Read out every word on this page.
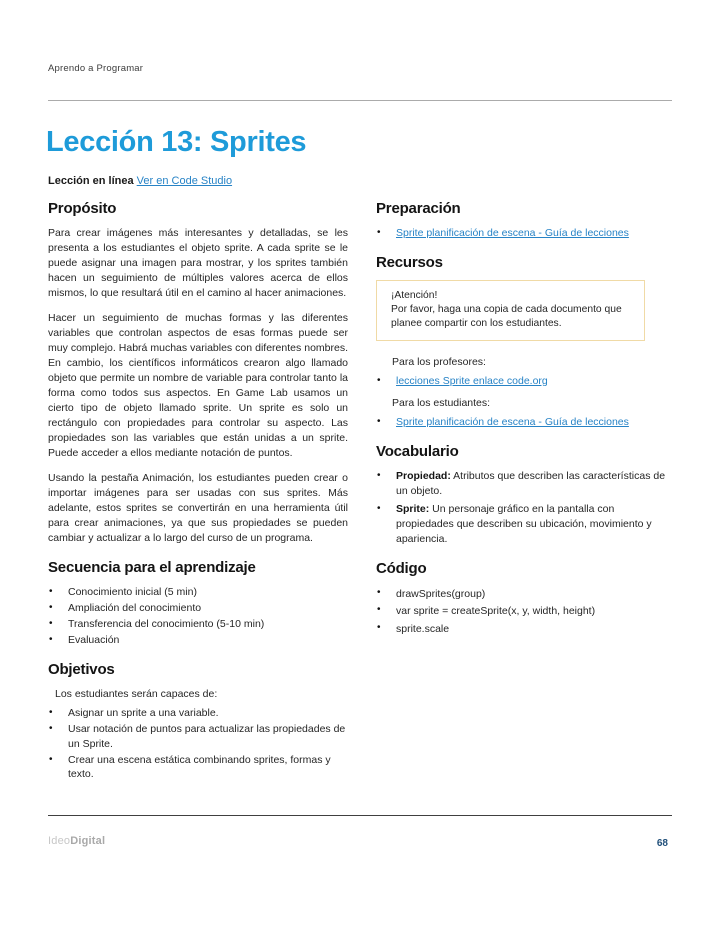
Aprendo a Programar
Lección 13: Sprites
Lección en línea Ver en Code Studio
Propósito

Para crear imágenes más interesantes y detalladas, se les presenta a los estudiantes el objeto sprite. A cada sprite se le puede asignar una imagen para mostrar, y los sprites también hacen un seguimiento de múltiples valores acerca de ellos mismos, lo que resultará útil en el camino al hacer animaciones.

Hacer un seguimiento de muchas formas y las diferentes variables que controlan aspectos de esas formas puede ser muy complejo. Habrá muchas variables con diferentes nombres. En cambio, los científicos informáticos crearon algo llamado objeto que permite un nombre de variable para controlar tanto la forma como todos sus aspectos. En Game Lab usamos un cierto tipo de objeto llamado sprite. Un sprite es solo un rectángulo con propiedades para controlar su aspecto. Las propiedades son las variables que están unidas a un sprite. Puede acceder a ellos mediante notación de puntos.

Usando la pestaña Animación, los estudiantes pueden crear o importar imágenes para ser usadas con sus sprites. Más adelante, estos sprites se convertirán en una herramienta útil para crear animaciones, ya que sus propiedades se pueden cambiar y actualizar a lo largo del curso de un programa.

Secuencia para el aprendizaje
•	Conocimiento inicial (5 min)
•	Ampliación del conocimiento
•	Transferencia del conocimiento (5-10 min)
•	Evaluación
Objetivos
Los estudiantes serán capaces de:
•	Asignar un sprite a una variable.
•	Usar notación de puntos para actualizar las propiedades de un Sprite.
•	Crear una escena estática combinando sprites, formas y texto.
Preparación
•	Sprite planificación de escena - Guía de lecciones
Recursos
¡Atención!
Por favor, haga una copia de cada documento que planee compartir con los estudiantes.
Para los profesores:
•	lecciones Sprite enlace code.org
Para los estudiantes:
•	Sprite planificación de escena - Guía de lecciones
Vocabulario
•	Propiedad: Atributos que describen las características de un objeto.
•	Sprite: Un personaje gráfico en la pantalla con propiedades que describen su ubicación, movimiento y apariencia.
Código
•	drawSprites(group)
•	var sprite = createSprite(x, y, width, height)
•	sprite.scale
IdeoDigital	68
